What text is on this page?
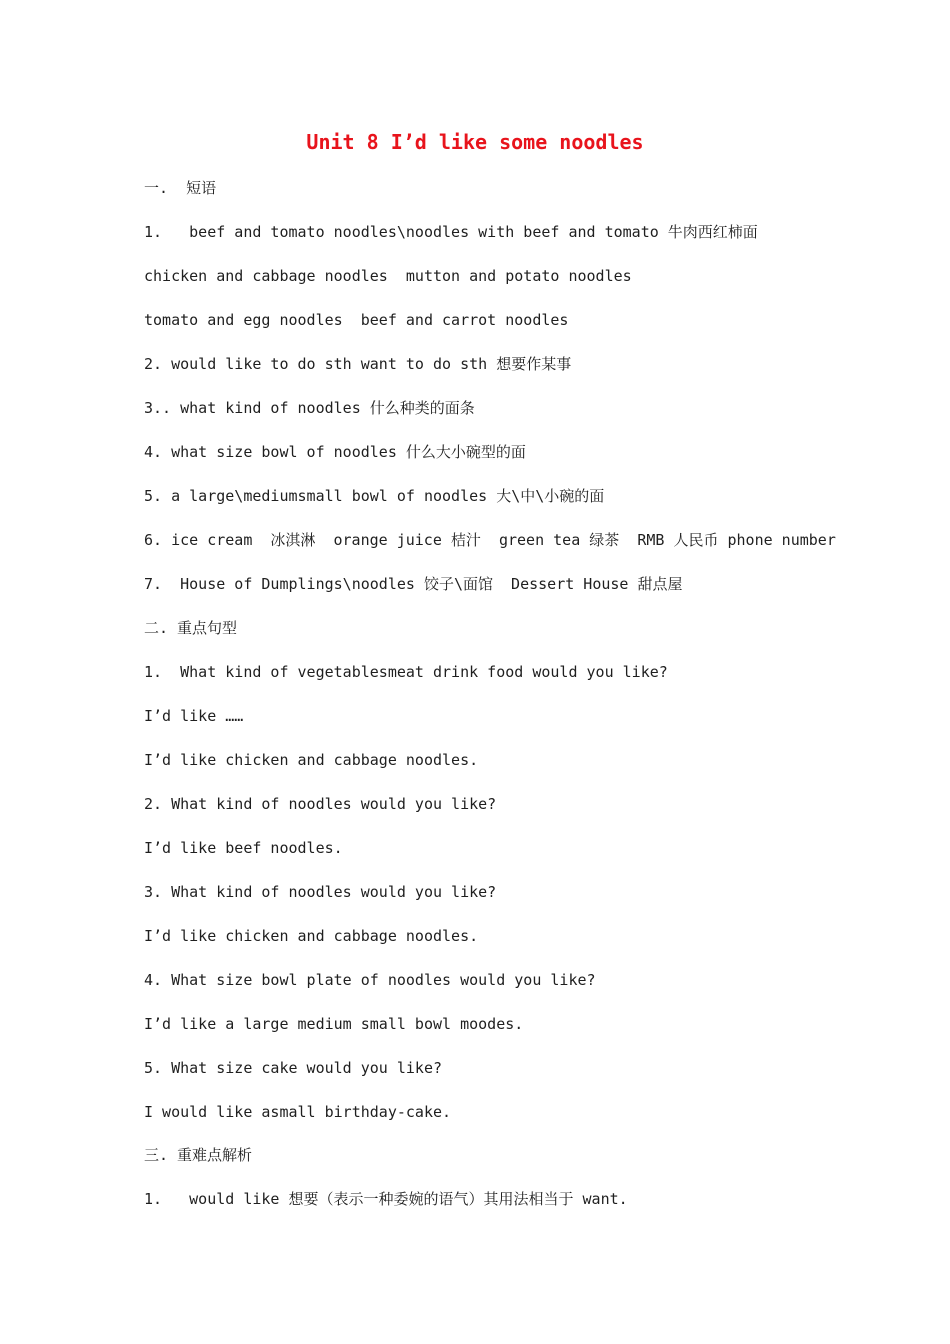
Unit 8 I’d like some noodles
一.  短语
1.   beef and tomato noodles\noodles with beef and tomato 牛肉西红柿面
chicken and cabbage noodles  mutton and potato noodles
tomato and egg noodles  beef and carrot noodles
2. would like to do sth want to do sth 想要作某事
3.. what kind of noodles 什么种类的面条
4. what size bowl of noodles 什么大小碗型的面
5. a large\mediumsmall bowl of noodles 大\中\小碗的面
6. ice cream  冰淇淋  orange juice 桔汁  green tea 绿茶  RMB 人民币 phone number
7.  House of Dumplings\noodles 饺子\面馆  Dessert House 甜点屋
二. 重点句型
1.  What kind of vegetablesmeat drink food would you like?
I’d like ……
I’d like chicken and cabbage noodles.
2. What kind of noodles would you like?
I’d like beef noodles.
3. What kind of noodles would you like?
I’d like chicken and cabbage noodles.
4. What size bowl plate of noodles would you like?
I’d like a large medium small bowl moodes.
5. What size cake would you like?
I would like asmall birthday-cake.
三. 重难点解析
1.   would like 想要（表示一种委婉的语气）其用法相当于 want.
